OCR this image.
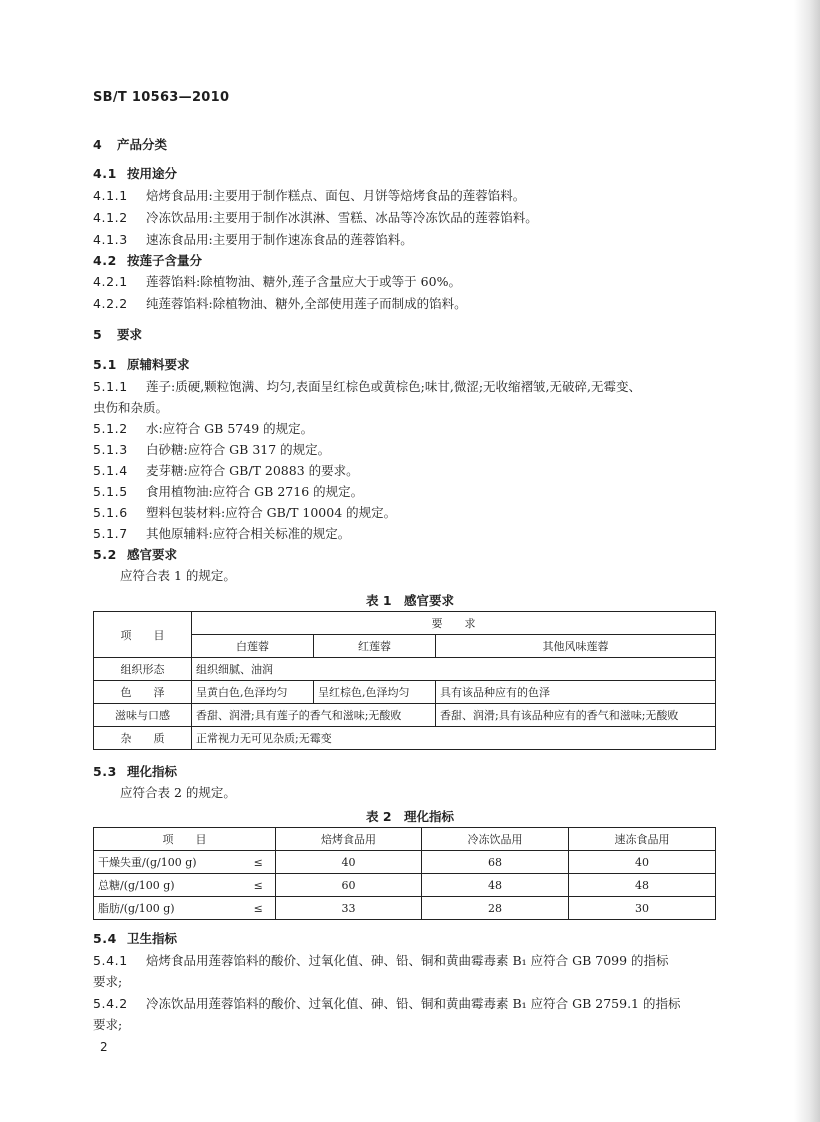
SB/T 10563—2010
4 产品分类
4.1 按用途分
4.1.1 焙烤食品用:主要用于制作糕点、面包、月饼等焙烤食品的莲蓉馅料。
4.1.2 冷冻饮品用:主要用于制作冰淇淋、雪糕、冰品等冷冻饮品的莲蓉馅料。
4.1.3 速冻食品用:主要用于制作速冻食品的莲蓉馅料。
4.2 按莲子含量分
4.2.1 莲蓉馅料:除植物油、糖外,莲子含量应大于或等于 60%。
4.2.2 纯莲蓉馅料:除植物油、糖外,全部使用莲子而制成的馅料。
5 要求
5.1 原辅料要求
5.1.1 莲子:质硬,颗粒饱满、均匀,表面呈红棕色或黄棕色;味甘,微涩;无收缩褶皱,无破碎,无霉变、
虫伤和杂质。
5.1.2 水:应符合 GB 5749 的规定。
5.1.3 白砂糖:应符合 GB 317 的规定。
5.1.4 麦芽糖:应符合 GB/T 20883 的要求。
5.1.5 食用植物油:应符合 GB 2716 的规定。
5.1.6 塑料包装材料:应符合 GB/T 10004 的规定。
5.1.7 其他原辅料:应符合相关标准的规定。
5.2 感官要求
应符合表 1 的规定。
表 1　感官要求
项　　目	要　　求		
	白莲蓉	红莲蓉	其他风味莲蓉
组织形态	组织细腻、油润		
色　　泽	呈黄白色,色泽均匀	呈红棕色,色泽均匀	具有该品种应有的色泽
滋味与口感	香甜、润滑;具有莲子的香气和滋味;无酸败		香甜、润滑;具有该品种应有的香气和滋味;无酸败
杂　　质	正常视力无可见杂质;无霉变		
5.3 理化指标
应符合表 2 的规定。
表 2　理化指标
项　　目		焙烤食品用	冷冻饮品用	速冻食品用
干燥失重/(g/100 g)	≤	40	68	40
总糖/(g/100 g)	≤	60	48	48
脂肪/(g/100 g)	≤	33	28	30
5.4 卫生指标
5.4.1 焙烤食品用莲蓉馅料的酸价、过氧化值、砷、铅、铜和黄曲霉毒素 B₁ 应符合 GB 7099 的指标
要求;
5.4.2 冷冻饮品用莲蓉馅料的酸价、过氧化值、砷、铅、铜和黄曲霉毒素 B₁ 应符合 GB 2759.1 的指标
要求;
2
